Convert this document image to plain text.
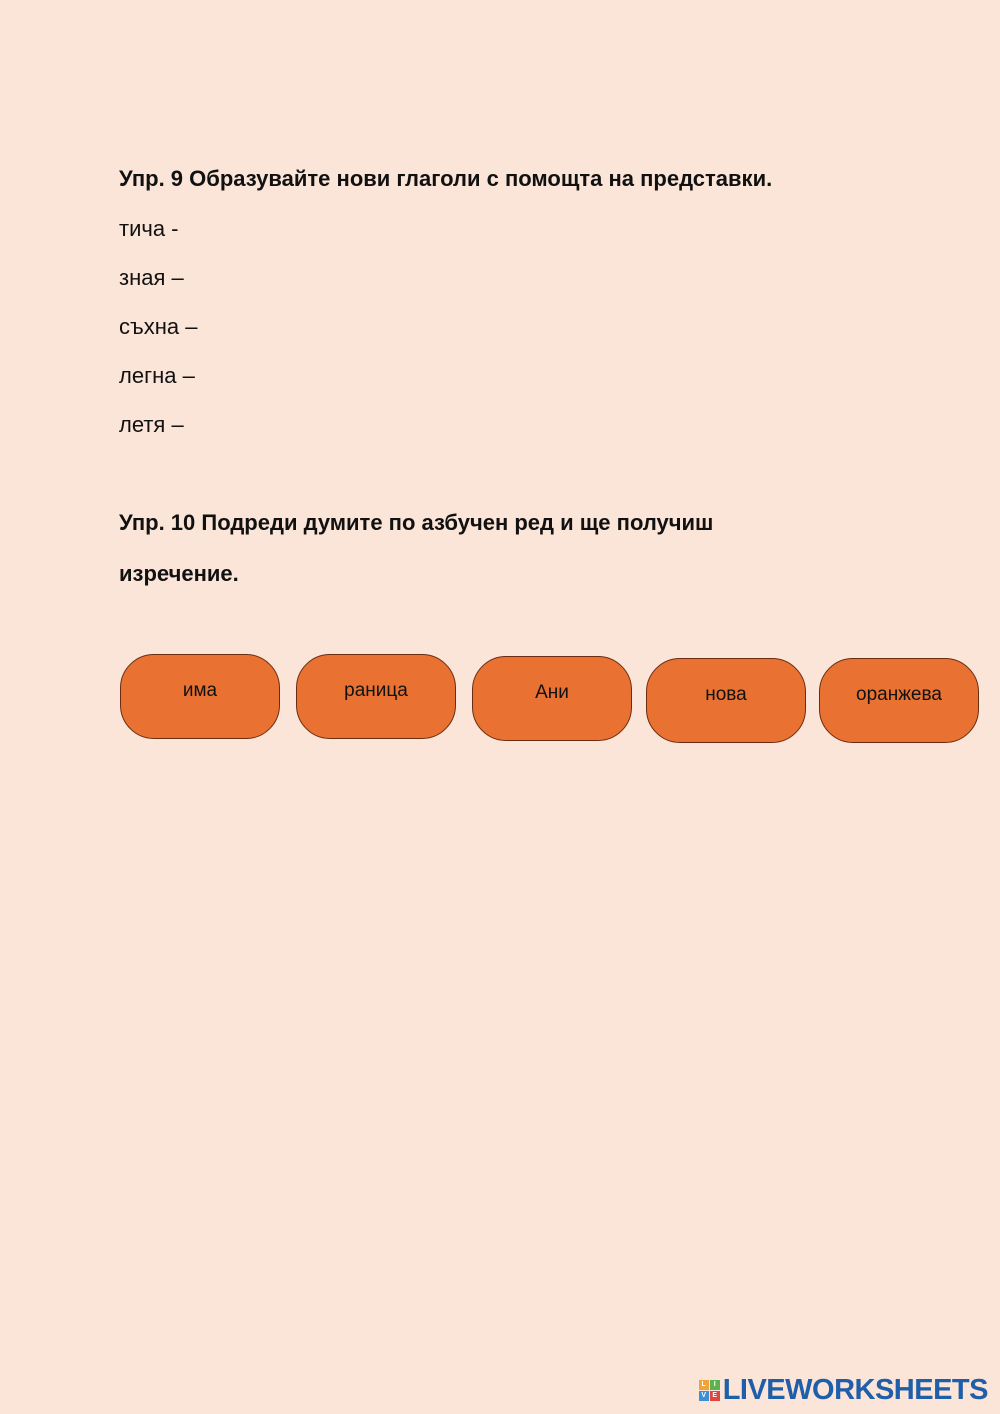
Упр. 9 Образувайте нови глаголи с помощта на представки.
тича -
зная –
съхна –
легна –
летя –
Упр. 10 Подреди думите по азбучен ред и ще получиш
изречение.
има	раница	Ани	нова	оранжева
L	I
V E LIVEWORKSHEETS
